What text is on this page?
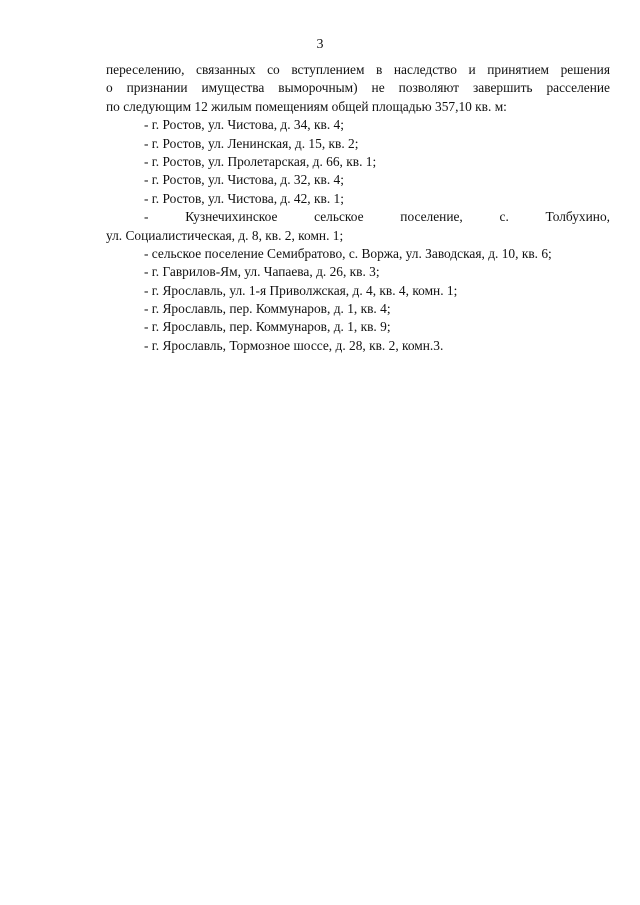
3
переселению, связанных со вступлением в наследство и принятием решения
о признании имущества выморочным) не позволяют завершить расселение
по следующим 12 жилым помещениям общей площадью 357,10 кв. м:
- г. Ростов, ул. Чистова, д. 34, кв. 4;
- г. Ростов, ул. Ленинская, д. 15, кв. 2;
- г. Ростов, ул. Пролетарская, д. 66, кв. 1;
- г. Ростов, ул. Чистова, д. 32, кв. 4;
- г. Ростов, ул. Чистова, д. 42, кв. 1;
- Кузнечихинское сельское поселение, с. Толбухино,
ул. Социалистическая, д. 8, кв. 2, комн. 1;
- сельское поселение Семибратово, с. Воржа, ул. Заводская, д. 10, кв. 6;
- г. Гаврилов-Ям, ул. Чапаева, д. 26, кв. 3;
- г. Ярославль, ул. 1-я Приволжская, д. 4, кв. 4, комн. 1;
- г. Ярославль, пер. Коммунаров, д. 1, кв. 4;
- г. Ярославль, пер. Коммунаров, д. 1, кв. 9;
- г. Ярославль, Тормозное шоссе, д. 28, кв. 2, комн.3.
